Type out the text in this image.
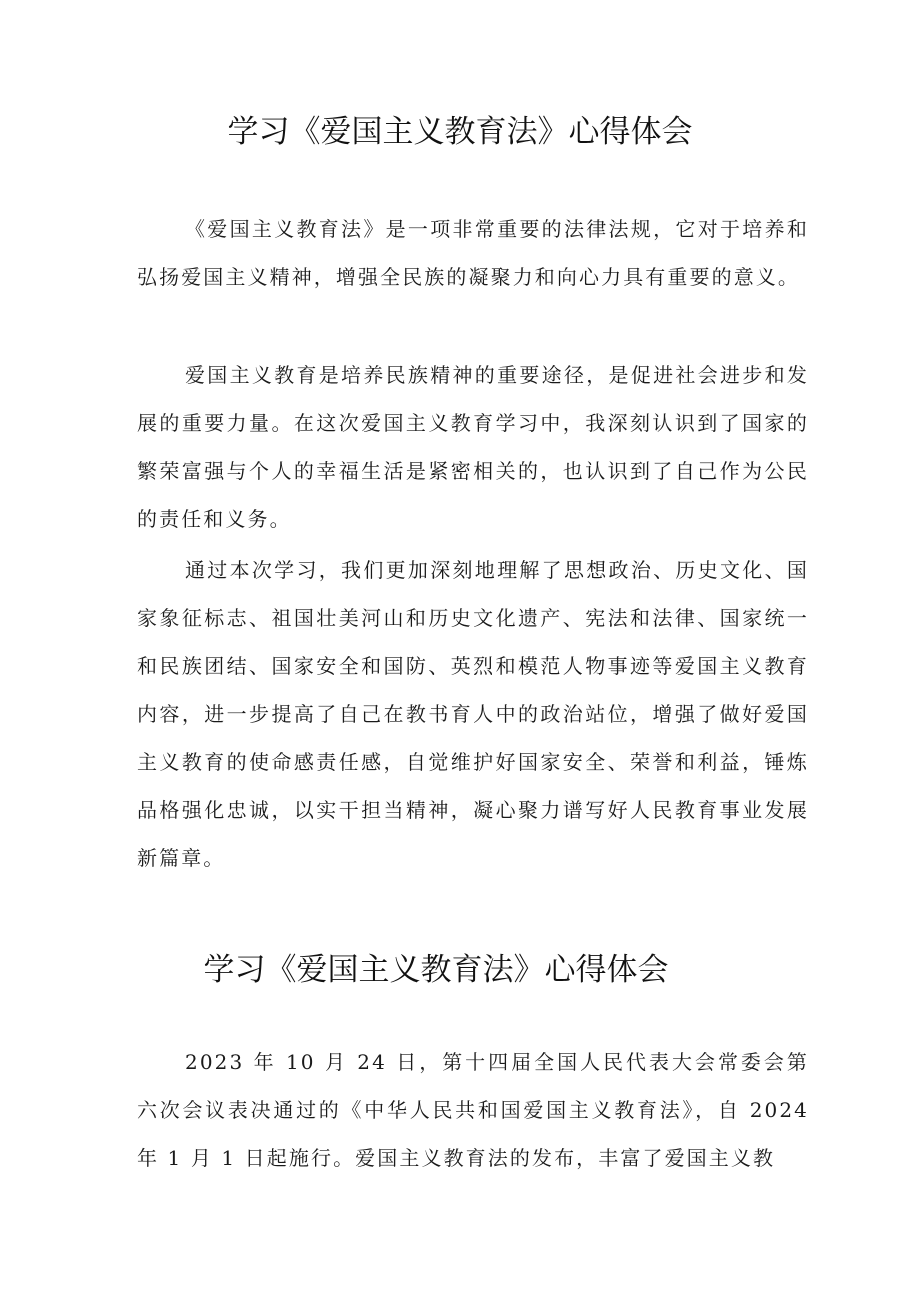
学习《爱国主义教育法》心得体会

《爱国主义教育法》是一项非常重要的法律法规，它对于培养和弘扬爱国主义精神，增强全民族的凝聚力和向心力具有重要的意义。

爱国主义教育是培养民族精神的重要途径，是促进社会进步和发展的重要力量。在这次爱国主义教育学习中，我深刻认识到了国家的繁荣富强与个人的幸福生活是紧密相关的，也认识到了自己作为公民的责任和义务。

通过本次学习，我们更加深刻地理解了思想政治、历史文化、国家象征标志、祖国壮美河山和历史文化遗产、宪法和法律、国家统一和民族团结、国家安全和国防、英烈和模范人物事迹等爱国主义教育内容，进一步提高了自己在教书育人中的政治站位，增强了做好爱国主义教育的使命感责任感，自觉维护好国家安全、荣誉和利益，锤炼品格强化忠诚，以实干担当精神，凝心聚力谱写好人民教育事业发展新篇章。

学习《爱国主义教育法》心得体会

2023 年 10 月 24 日，第十四届全国人民代表大会常委会第六次会议表决通过的《中华人民共和国爱国主义教育法》，自 2024 年 1 月 1 日起施行。爱国主义教育法的发布，丰富了爱国主义教
